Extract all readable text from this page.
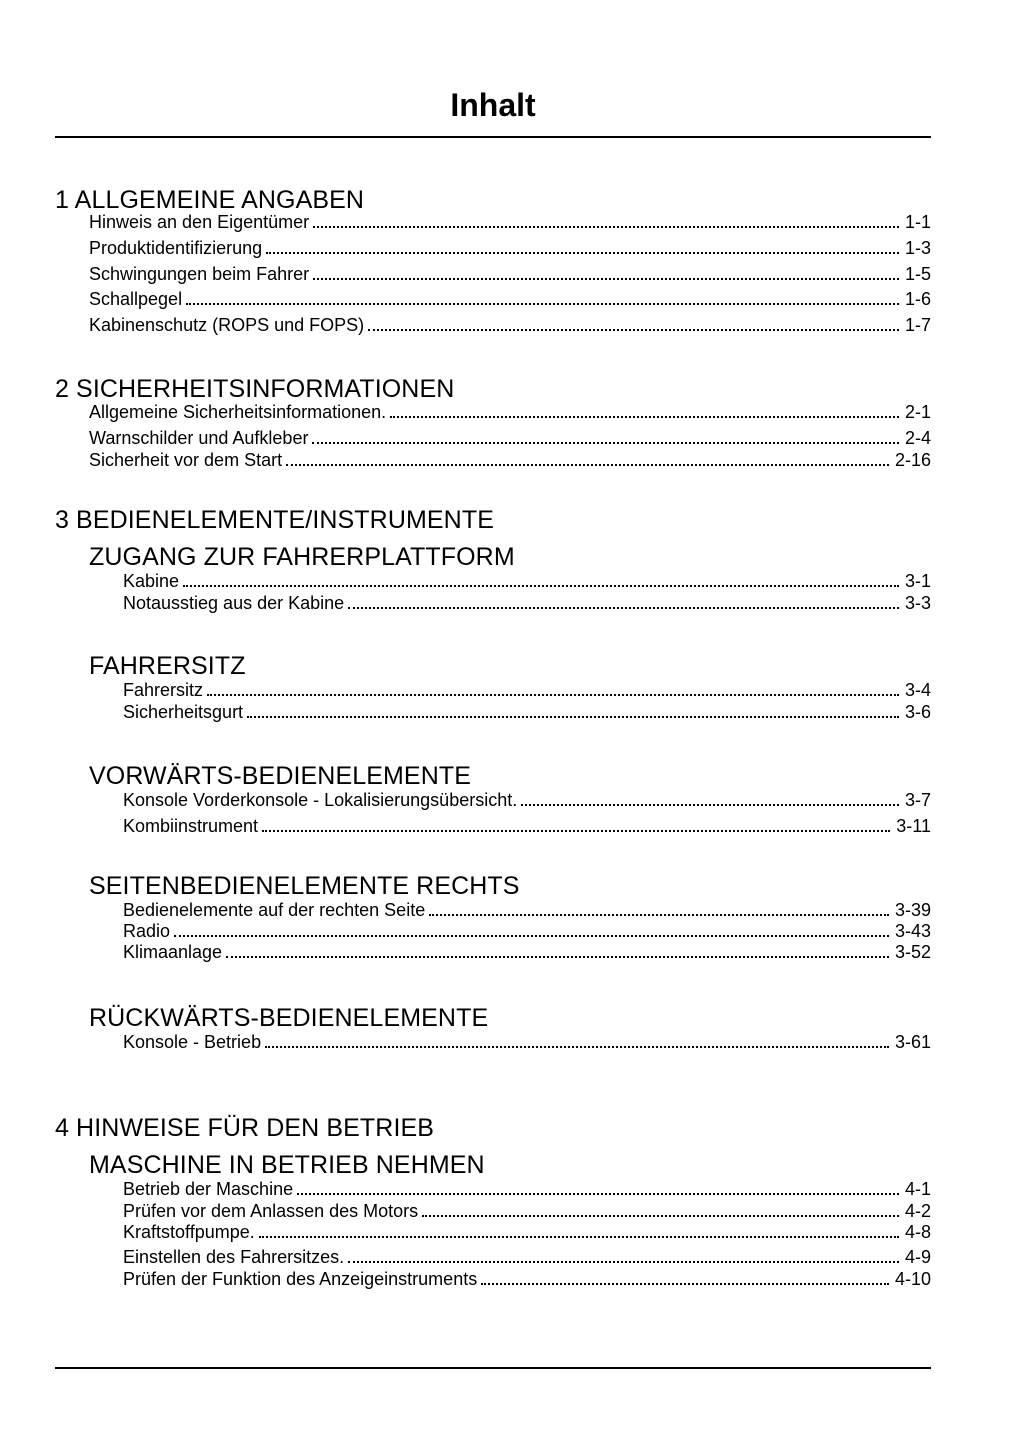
Inhalt
1 ALLGEMEINE ANGABEN
Hinweis an den Eigentümer	1-1
Produktidentifizierung	1-3
Schwingungen beim Fahrer	1-5
Schallpegel	1-6
Kabinenschutz (ROPS und FOPS)	1-7
2 SICHERHEITSINFORMATIONEN
Allgemeine Sicherheitsinformationen.	2-1
Warnschilder und Aufkleber	2-4
Sicherheit vor dem Start	2-16
3 BEDIENELEMENTE/INSTRUMENTE
ZUGANG ZUR FAHRERPLATTFORM
Kabine	3-1
Notausstieg aus der Kabine	3-3
FAHRERSITZ
Fahrersitz	3-4
Sicherheitsgurt	3-6
VORWÄRTS-BEDIENELEMENTE
Konsole Vorderkonsole - Lokalisierungsübersicht.	3-7
Kombiinstrument	3-11
SEITENBEDIENELEMENTE RECHTS
Bedienelemente auf der rechten Seite	3-39
Radio	3-43
Klimaanlage	3-52
RÜCKWÄRTS-BEDIENELEMENTE
Konsole - Betrieb	3-61
4 HINWEISE FÜR DEN BETRIEB
MASCHINE IN BETRIEB NEHMEN
Betrieb der Maschine	4-1
Prüfen vor dem Anlassen des Motors	4-2
Kraftstoffpumpe.	4-8
Einstellen des Fahrersitzes.	4-9
Prüfen der Funktion des Anzeigeinstruments	4-10
